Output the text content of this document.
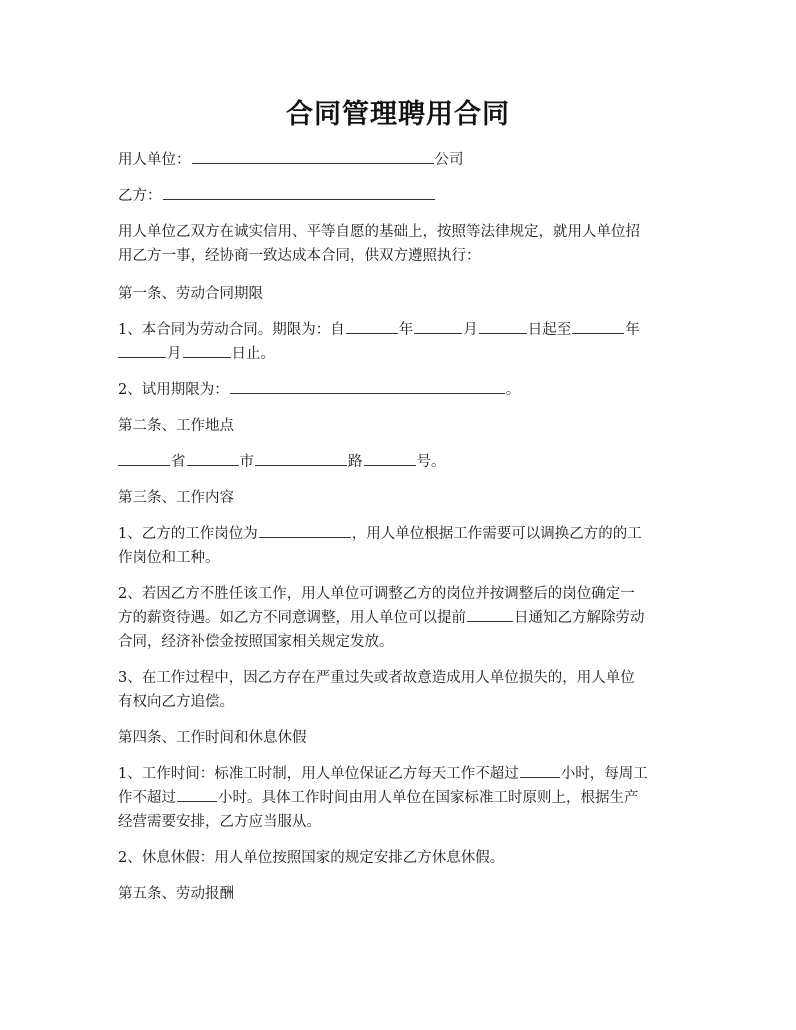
合同管理聘用合同
用人单位：	公司
乙方：
用人单位乙双方在诚实信用、平等自愿的基础上，按照等法律规定，就用人单位招
用乙方一事，经协商一致达成本合同，供双方遵照执行：
第一条、劳动合同期限
1、本合同为劳动合同。期限为：自	年	月	日起至	年
月	日止。
2、试用期限为：	。
第二条、工作地点
省	市	路	号。
第三条、工作内容
1、乙方的工作岗位为	，用人单位根据工作需要可以调换乙方的的工
作岗位和工种。
2、若因乙方不胜任该工作，用人单位可调整乙方的岗位并按调整后的岗位确定一
方的薪资待遇。如乙方不同意调整，用人单位可以提前	日通知乙方解除劳动
合同，经济补偿金按照国家相关规定发放。
3、在工作过程中，因乙方存在严重过失或者故意造成用人单位损失的，用人单位
有权向乙方追偿。
第四条、工作时间和休息休假
1、工作时间：标准工时制，用人单位保证乙方每天工作不超过	小时，每周工
作不超过	小时。具体工作时间由用人单位在国家标准工时原则上，根据生产
经营需要安排，乙方应当服从。
2、休息休假：用人单位按照国家的规定安排乙方休息休假。
第五条、劳动报酬
